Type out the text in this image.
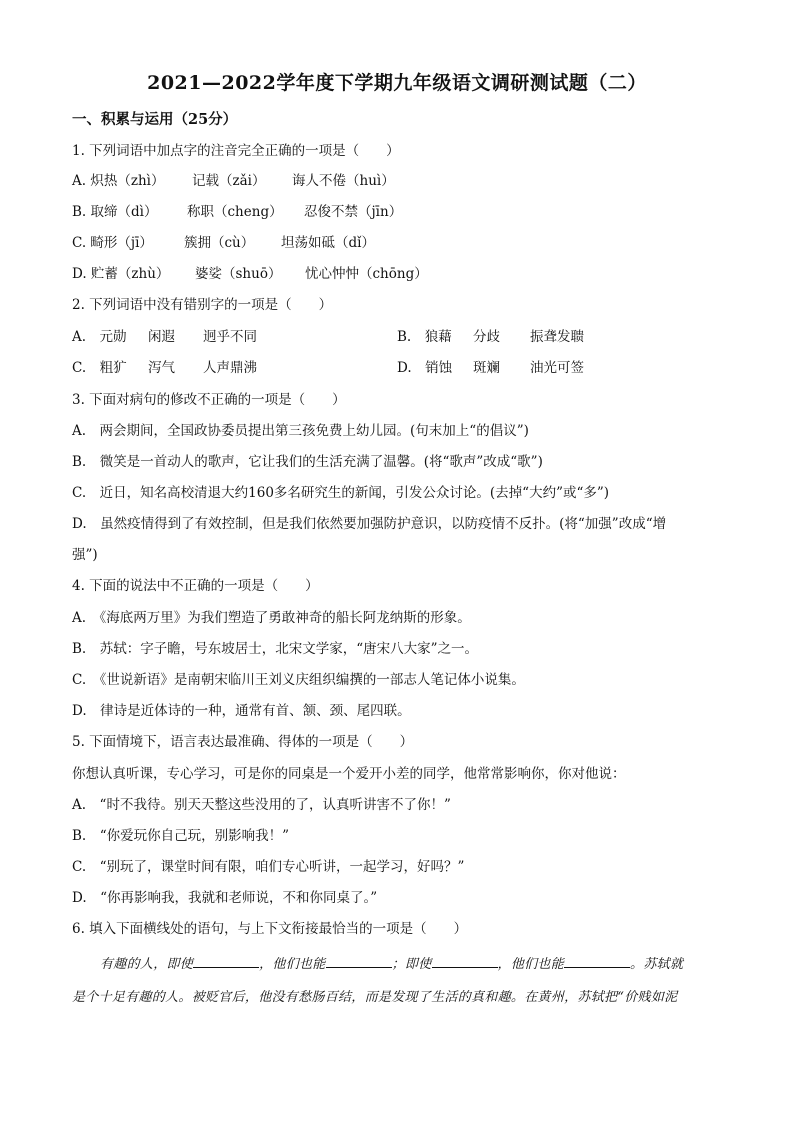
2021—2022学年度下学期九年级语文调研测试题（二）
一、积累与运用（25分）
1. 下列词语中加点字的注音完全正确的一项是（　　）
A. 炽热（zhì） 记载（zǎi） 诲人不倦（huì）
B. 取缔（dì） 称职（cheng） 忍俊不禁（jīn）
C. 畸形（jī） 簇拥（cù） 坦荡如砥（dǐ）
D. 贮蓄（zhù） 婆娑（shuō） 忧心忡忡（chōng）
2. 下列词语中没有错别字的一项是（　　）
A.　元勋 闲遐 迥乎不同	B.　狼藉 分歧 振聋发聩
C.　粗犷 泻气 人声鼎沸	D.　销蚀 斑斓 油光可签
3. 下面对病句的修改不正确的一项是（　　）
A.　两会期间，全国政协委员提出第三孩免费上幼儿园。(句末加上“的倡议”)
B.　微笑是一首动人的歌声，它让我们的生活充满了温馨。(将“歌声”改成“歌”)
C.　近日，知名高校清退大约160多名研究生的新闻，引发公众讨论。(去掉“大约”或“多”)
D.　虽然疫情得到了有效控制，但是我们依然要加强防护意识，以防疫情不反扑。(将“加强”改成“增
强”)
4. 下面的说法中不正确的一项是（　　）
A.　《海底两万里》为我们塑造了勇敢神奇的船长阿龙纳斯的形象。
B.　苏轼：字子瞻，号东坡居士，北宋文学家，“唐宋八大家”之一。
C.　《世说新语》是南朝宋临川王刘义庆组织编撰的一部志人笔记体小说集。
D.　律诗是近体诗的一种，通常有首、颔、颈、尾四联。
5. 下面情境下，语言表达最准确、得体的一项是（　　）
你想认真听课，专心学习，可是你的同桌是一个爱开小差的同学，他常常影响你，你对他说：
A.　“时不我待。别天天整这些没用的了，认真听讲害不了你！”
B.　“你爱玩你自己玩，别影响我！”
C.　“别玩了，课堂时间有限，咱们专心听讲，一起学习，好吗？”
D.　“你再影响我，我就和老师说，不和你同桌了。”
6. 填入下面横线处的语句，与上下文衔接最恰当的一项是（　　）
有趣的人，即使	，他们也能	；即使	，他们也能	。苏轼就
是个十足有趣的人。被贬官后，他没有愁肠百结，而是发现了生活的真和趣。在黄州，苏轼把“价贱如泥
